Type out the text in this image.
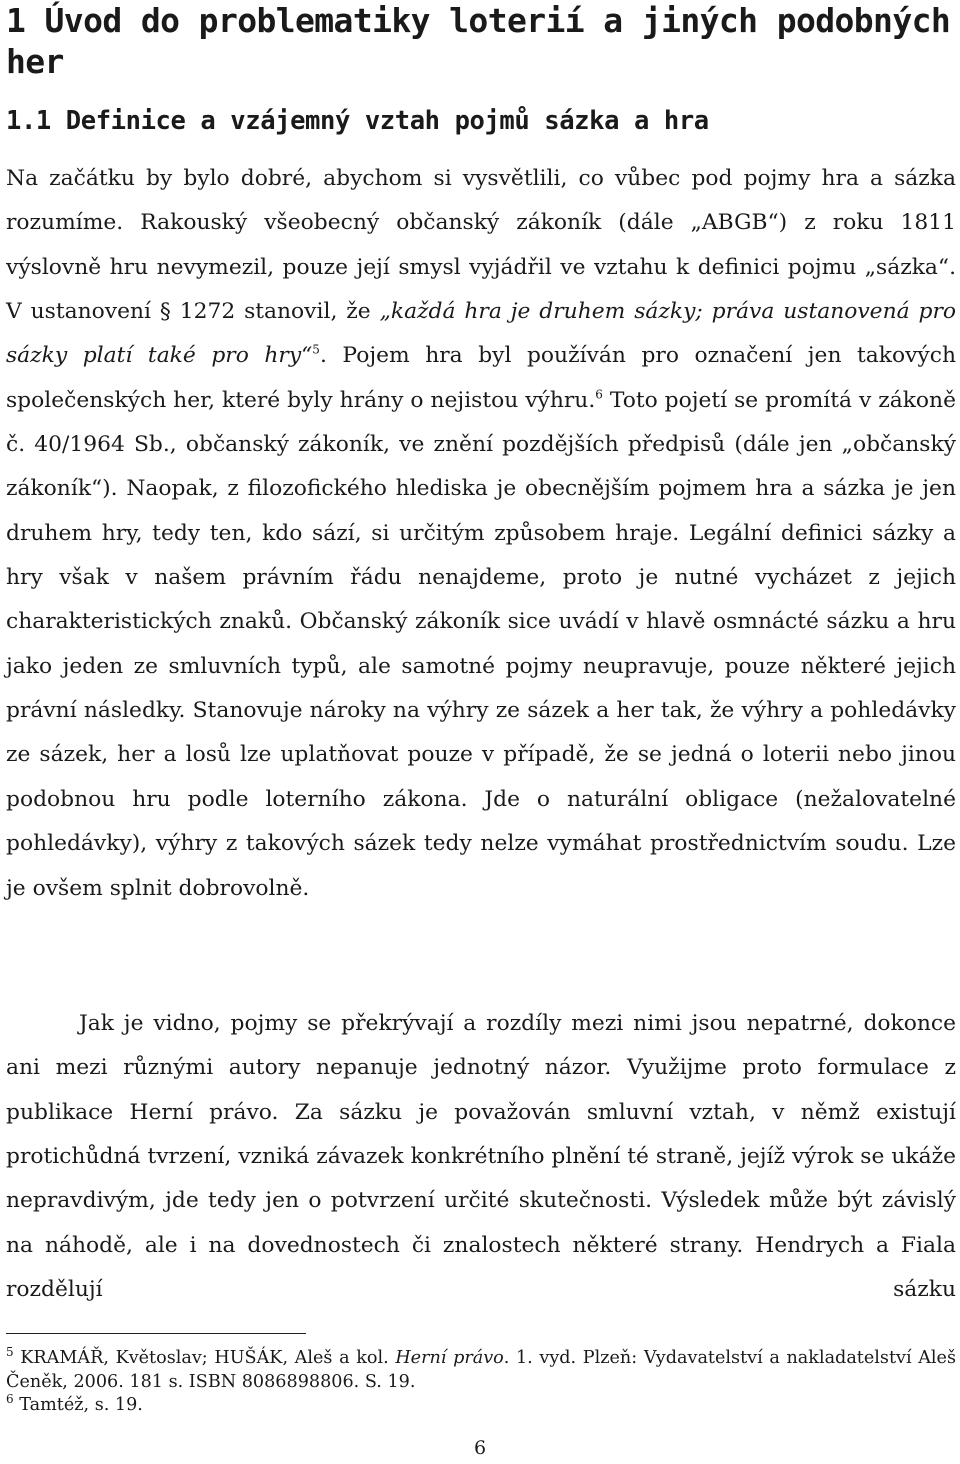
1 Úvod do problematiky loterií a jiných podobných her
1.1 Definice a vzájemný vztah pojmů sázka a hra

Na začátku by bylo dobré, abychom si vysvětlili, co vůbec pod pojmy hra a sázka rozumíme. Rakouský všeobecný občanský zákoník (dále „ABGB“) z roku 1811 výslovně hru nevymezil, pouze její smysl vyjádřil ve vztahu k definici pojmu „sázka“. V ustanovení § 1272 stanovil, že „každá hra je druhem sázky; práva ustanovená pro sázky platí také pro hry“$^5$. Pojem hra byl používán pro označení jen takových společenských her, které byly hrány o nejistou výhru.$^6$ Toto pojetí se promítá v zákoně č. 40/1964 Sb., občanský zákoník, ve znění pozdějších předpisů (dále jen „občanský zákoník“). Naopak, z filozofického hlediska je obecnějším pojmem hra a sázka je jen druhem hry, tedy ten, kdo sází, si určitým způsobem hraje. Legální definici sázky a hry však v našem právním řádu nenajdeme, proto je nutné vycházet z jejich charakteristických znaků. Občanský zákoník sice uvádí v hlavě osmnácté sázku a hru jako jeden ze smluvních typů, ale samotné pojmy neupravuje, pouze některé jejich právní následky. Stanovuje nároky na výhry ze sázek a her tak, že výhry a pohledávky ze sázek, her a losů lze uplatňovat pouze v případě, že se jedná o loterii nebo jinou podobnou hru podle loterního zákona. Jde o naturální obligace (nežalovatelné pohledávky), výhry z takových sázek tedy nelze vymáhat prostřednictvím soudu. Lze je ovšem splnit dobrovolně.

Jak je vidno, pojmy se překrývají a rozdíly mezi nimi jsou nepatrné, dokonce ani mezi různými autory nepanuje jednotný názor. Využijme proto formulace z publikace Herní právo. Za sázku je považován smluvní vztah, v němž existují protichůdná tvrzení, vzniká závazek konkrétního plnění té straně, jejíž výrok se ukáže nepravdivým, jde tedy jen o potvrzení určité skutečnosti. Výsledek může být závislý na náhodě, ale i na dovednostech či znalostech některé strany. Hendrych a Fiala rozdělují sázku

$^5$ KRAMÁŘ, Květoslav; HUŠÁK, Aleš a kol. Herní právo. 1. vyd. Plzeň: Vydavatelství a nakladatelství Aleš Čeněk, 2006. 181 s. ISBN 8086898806. S. 19.

$^6$ Tamtéž, s. 19.

6
